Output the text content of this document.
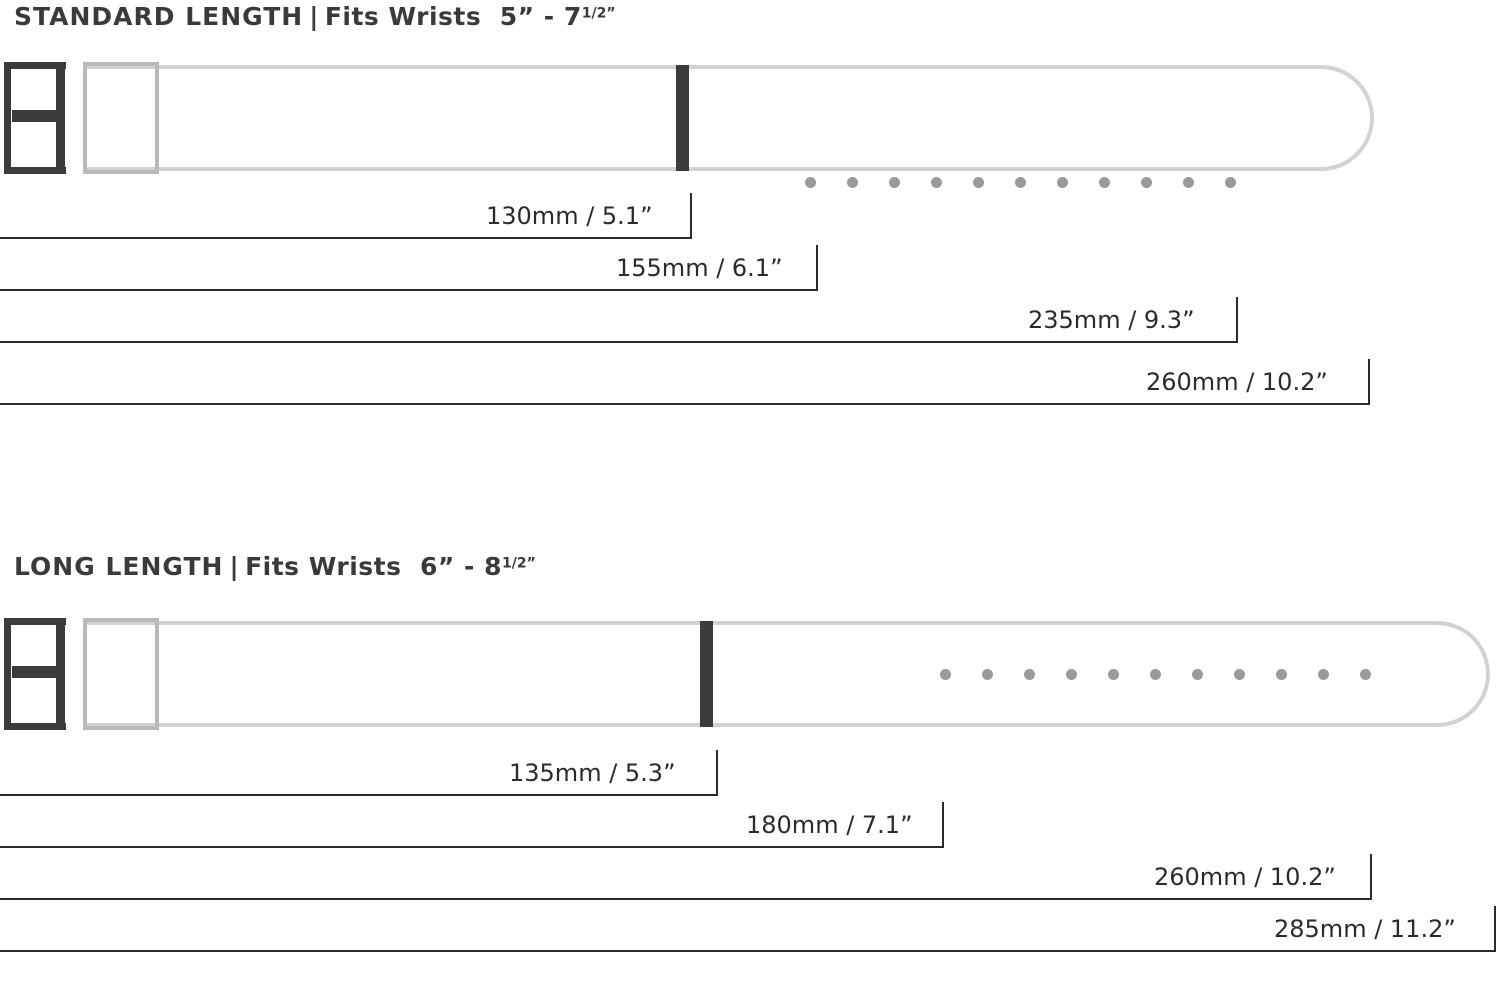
STANDARD LENGTH | Fits Wrists 5” - $7^{1/2”}$
130mm / 5.1”
155mm / 6.1”
235mm / 9.3”
260mm / 10.2”
LONG LENGTH | Fits Wrists 6” - $8^{1/2”}$
135mm / 5.3”
180mm / 7.1”
260mm / 10.2”
285mm / 11.2”
